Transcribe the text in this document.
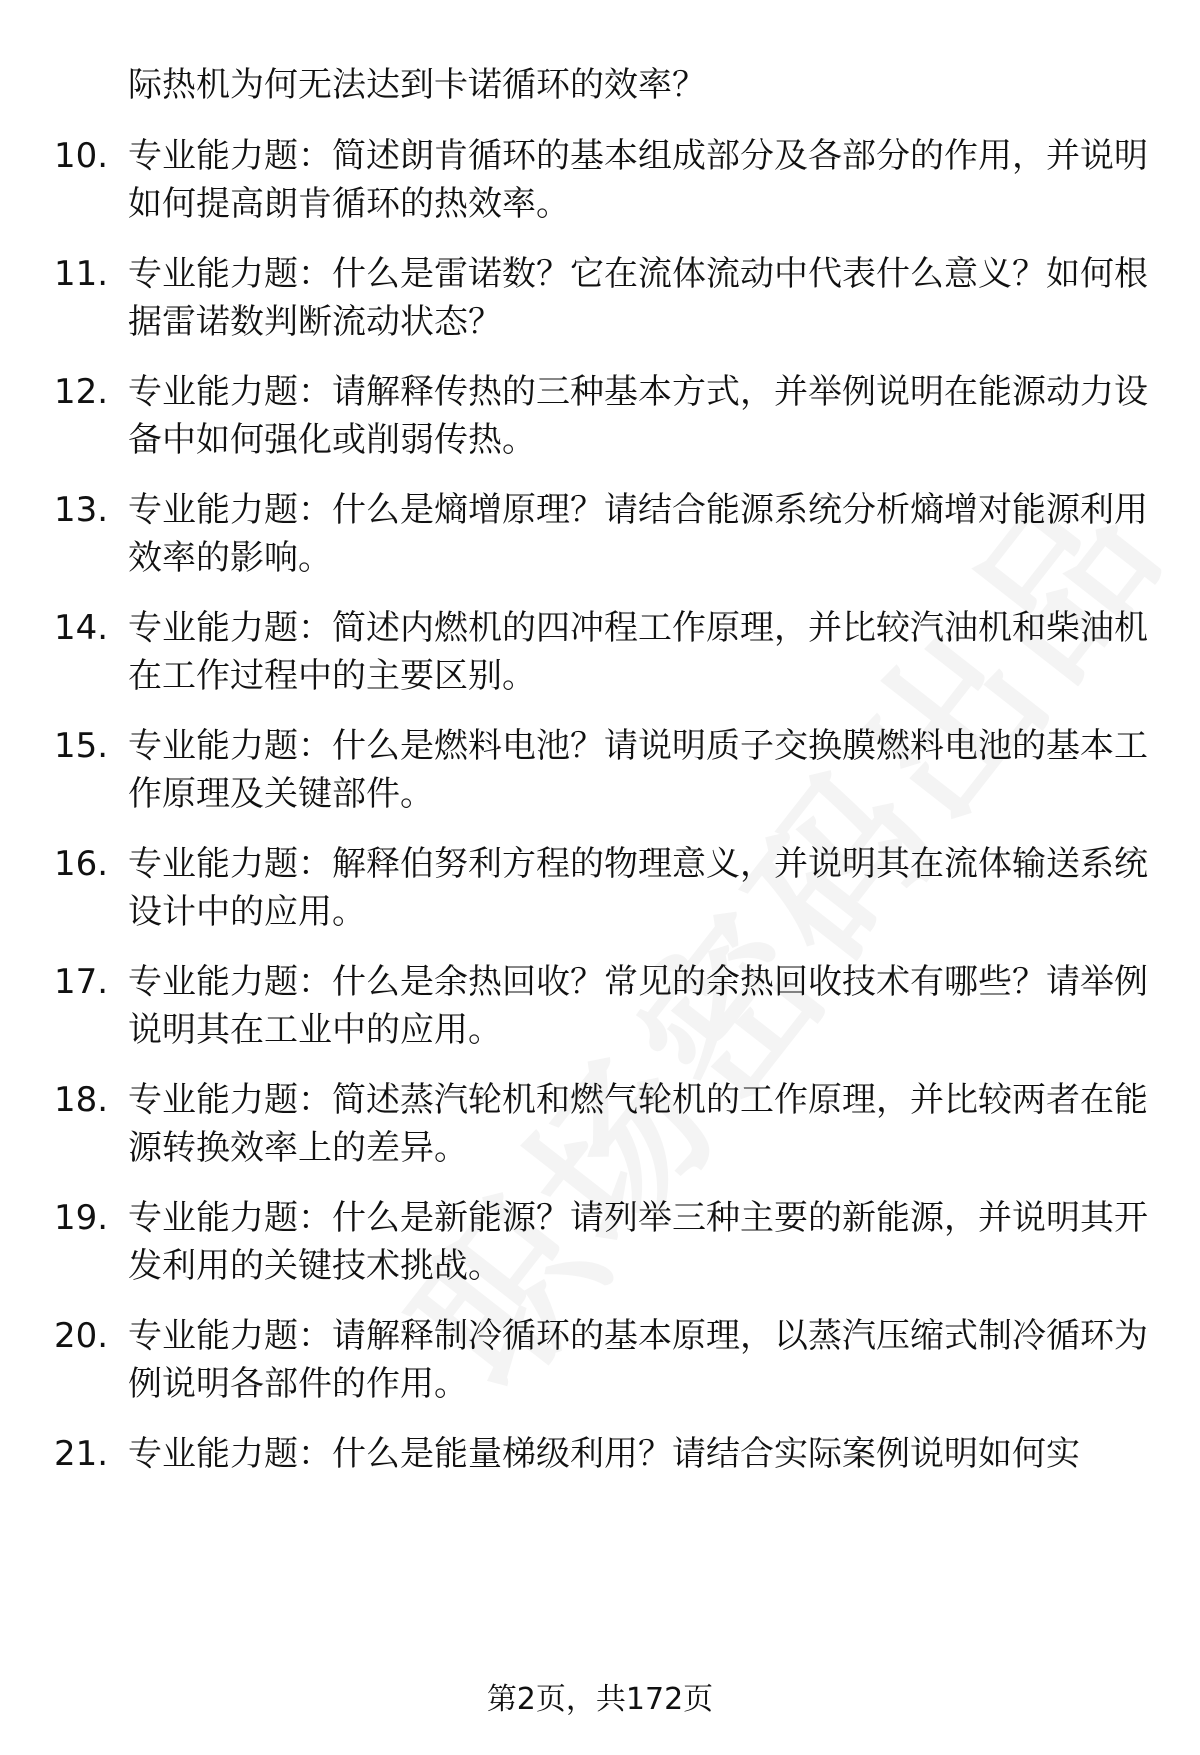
际热机为何无法达到卡诺循环的效率？
10. 专业能力题：简述朗肯循环的基本组成部分及各部分的作用，并说明如何提高朗肯循环的热效率。
11. 专业能力题：什么是雷诺数？它在流体流动中代表什么意义？如何根据雷诺数判断流动状态？
12. 专业能力题：请解释传热的三种基本方式，并举例说明在能源动力设备中如何强化或削弱传热。
13. 专业能力题：什么是熵增原理？请结合能源系统分析熵增对能源利用效率的影响。
14. 专业能力题：简述内燃机的四冲程工作原理，并比较汽油机和柴油机在工作过程中的主要区别。
15. 专业能力题：什么是燃料电池？请说明质子交换膜燃料电池的基本工作原理及关键部件。
16. 专业能力题：解释伯努利方程的物理意义，并说明其在流体输送系统设计中的应用。
17. 专业能力题：什么是余热回收？常见的余热回收技术有哪些？请举例说明其在工业中的应用。
18. 专业能力题：简述蒸汽轮机和燃气轮机的工作原理，并比较两者在能源转换效率上的差异。
19. 专业能力题：什么是新能源？请列举三种主要的新能源，并说明其开发利用的关键技术挑战。
20. 专业能力题：请解释制冷循环的基本原理，以蒸汽压缩式制冷循环为例说明各部件的作用。
21. 专业能力题：什么是能量梯级利用？请结合实际案例说明如何实
第2页，共172页
